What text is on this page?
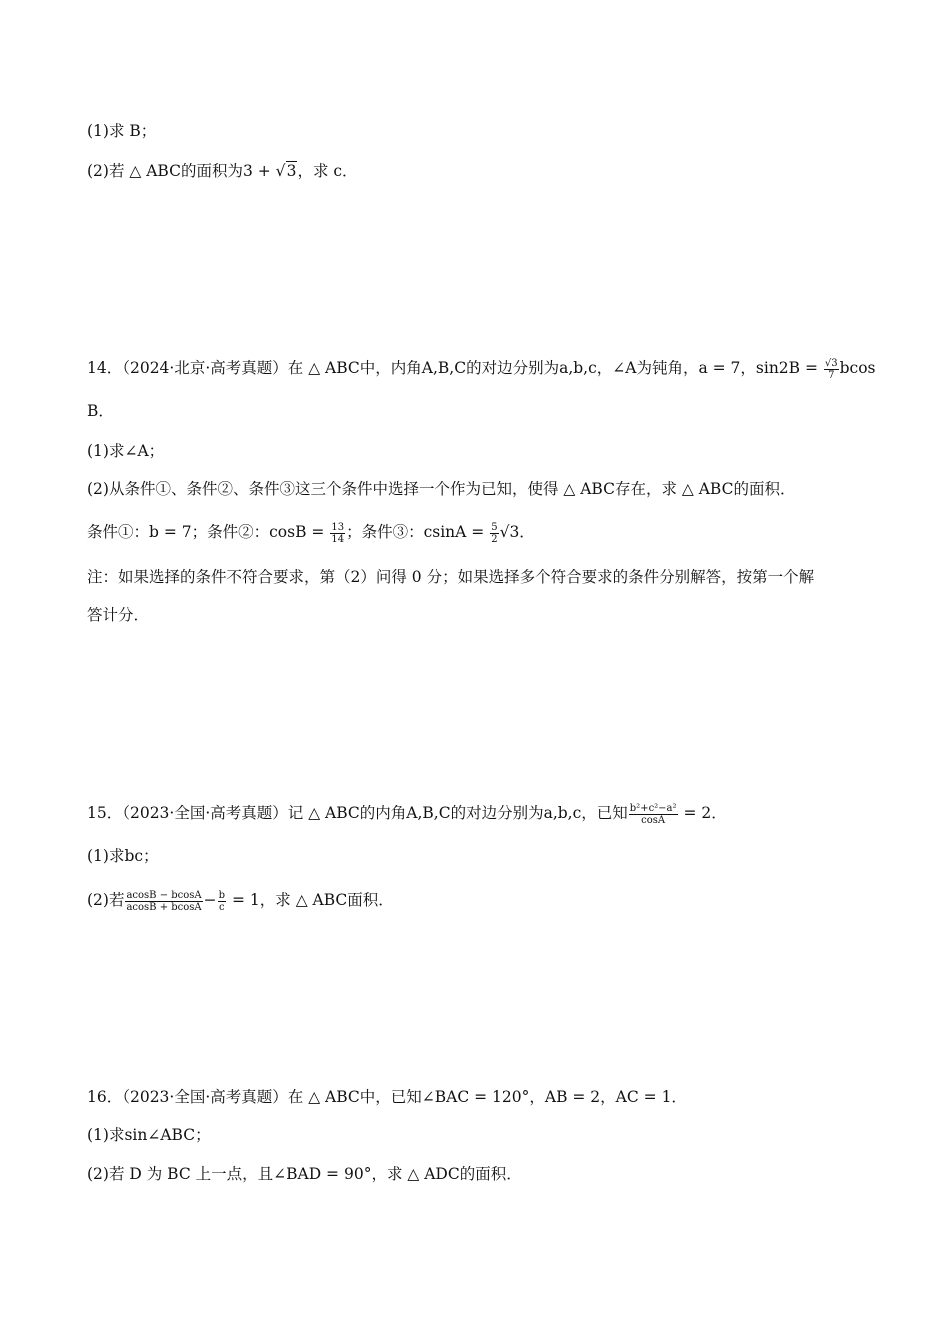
(1)求 B；
(2)若 △ ABC的面积为3 + √3，求 c．
14．（2024·北京·高考真题）在 △ ABC中，内角A,B,C的对边分别为a,b,c，∠A为钝角，a = 7，$\sin 2B = \frac{√3}{7}$ bcos
B．
(1)求∠A；
(2)从条件①、条件②、条件③这三个条件中选择一个作为已知，使得 △ ABC存在，求 △ ABC的面积．
条件①：b = 7；条件②：$\cos B = \frac{13}{14}$ ；条件③：$csinA = \frac{5}{2} √3$．
注：如果选择的条件不符合要求，第（2）问得 0 分；如果选择多个符合要求的条件分别解答，按第一个解
答计分．
15．（2023·全国·高考真题）记 △ ABC的内角A,B,C的对边分别为a,b,c，已知 $\frac{\text{b²+c²−a²}}{\cos A} = 2$．
(1)求bc；
(2)若 $\frac{acosB - bcosA}{acosB + bcosA} - \frac{b}{c} = 1$，求 △ ABC面积．
16．（2023·全国·高考真题）在 △ ABC中，已知∠BAC = 120°，AB = 2，AC = 1．
(1)求sin∠ABC；
(2)若 D 为 BC 上一点，且∠BAD = 90°，求 △ ADC的面积．
